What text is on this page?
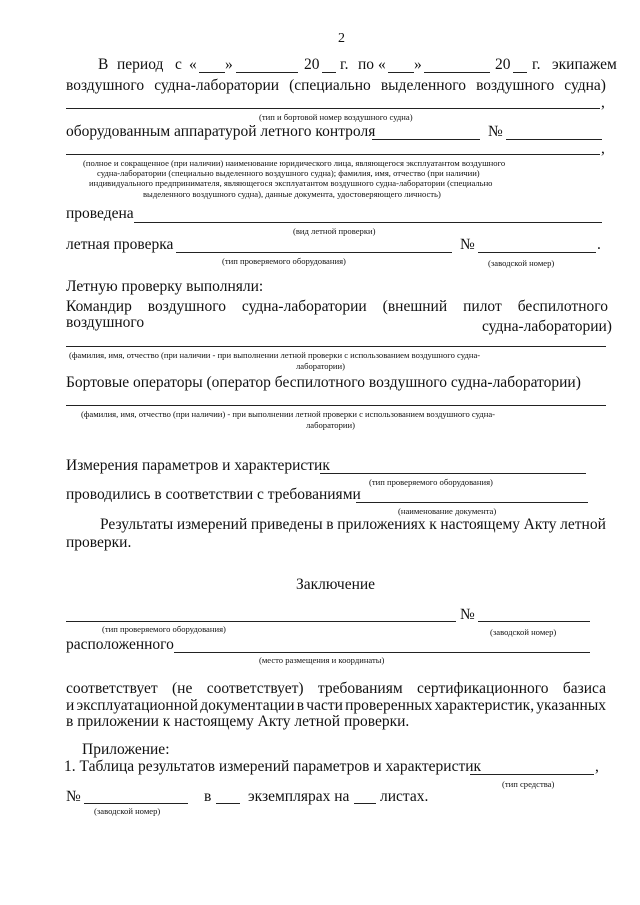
2
В период с « »	20 г. по « »	20 г. экипажем
воздушного судна-лаборатории (специально выделенного воздушного судна)
,
(тип и бортовой номер воздушного судна)
оборудованным аппаратурой летного контроля	№
,
(полное и сокращенное (при наличии) наименование юридического лица, являющегося эксплуатантом воздушного
судна-лаборатории (специально выделенного воздушного судна); фамилия, имя, отчество (при наличии)
индивидуального предпринимателя, являющегося эксплуатантом воздушного судна-лаборатории (специально
выделенного воздушного судна), данные документа, удостоверяющего личность)
проведена
(вид летной проверки)
летная проверка	№	.
(тип проверяемого оборудования)	(заводской номер)
Летную проверку выполняли:
Командир воздушного судна-лаборатории (внешний пилот беспилотного
воздушного	судна-лаборатории)
(фамилия, имя, отчество (при наличии - при выполнении летной проверки с использованием воздушного судна-
лаборатории)
Бортовые операторы (оператор беспилотного воздушного судна-лаборатории)
(фамилия, имя, отчество (при наличии) - при выполнении летной проверки с использованием воздушного судна-
лаборатории)
Измерения параметров и характеристик
(тип проверяемого оборудования)
проводились в соответствии с требованиями
(наименование документа)
Результаты измерений приведены в приложениях к настоящему Акту летной
проверки.
Заключение
№
(тип проверяемого оборудования)	(заводской номер)
расположенного
(место размещения и координаты)
соответствует (не соответствует) требованиям сертификационного базиса
и эксплуатационной документации в части проверенных характеристик, указанных
в приложении к настоящему Акту летной проверки.
Приложение:
1. Таблица результатов измерений параметров и характеристик	,
(тип средства)
№	в экземплярах на листах.
(заводской номер)
